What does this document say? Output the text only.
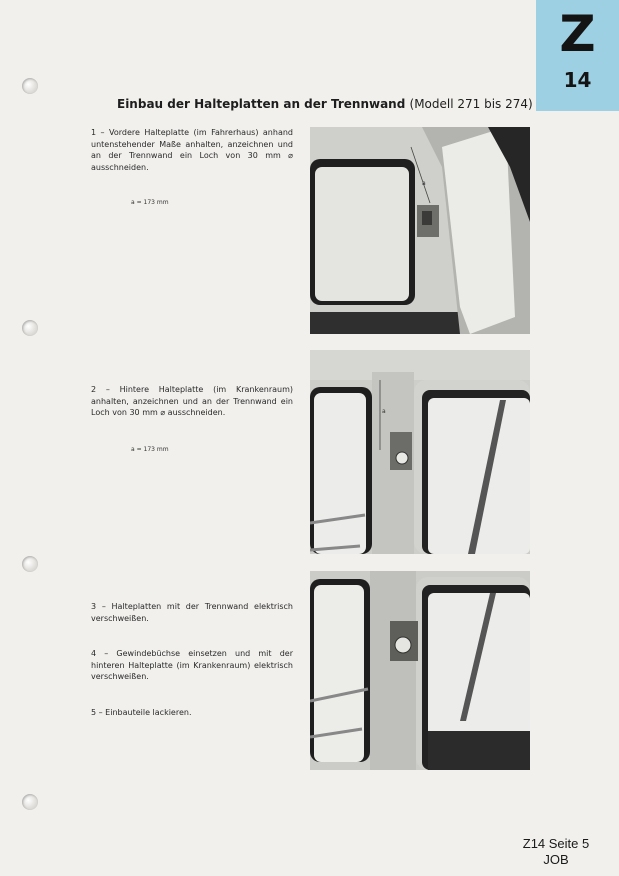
Z
14
Einbau der Halteplatten an der Trennwand (Modell 271 bis 274)
1 – Vordere Halteplatte (im Fahrerhaus) anhand untenstehender Maße anhalten, anzeichnen und an der Trennwand ein Loch von 30 mm ⌀ ausschneiden.
a = 173 mm
2 – Hintere Halteplatte (im Krankenraum) anhalten, anzeichnen und an der Trennwand ein Loch von 30 mm ⌀ ausschneiden.
a = 173 mm
3 – Halteplatten mit der Trennwand elektrisch verschweißen.
4 – Gewindebüchse einsetzen und mit der hinteren Halteplatte (im Krankenraum) elektrisch verschweißen.
5 – Einbauteile lackieren.
a
a
Z14 Seite 5
JOB
